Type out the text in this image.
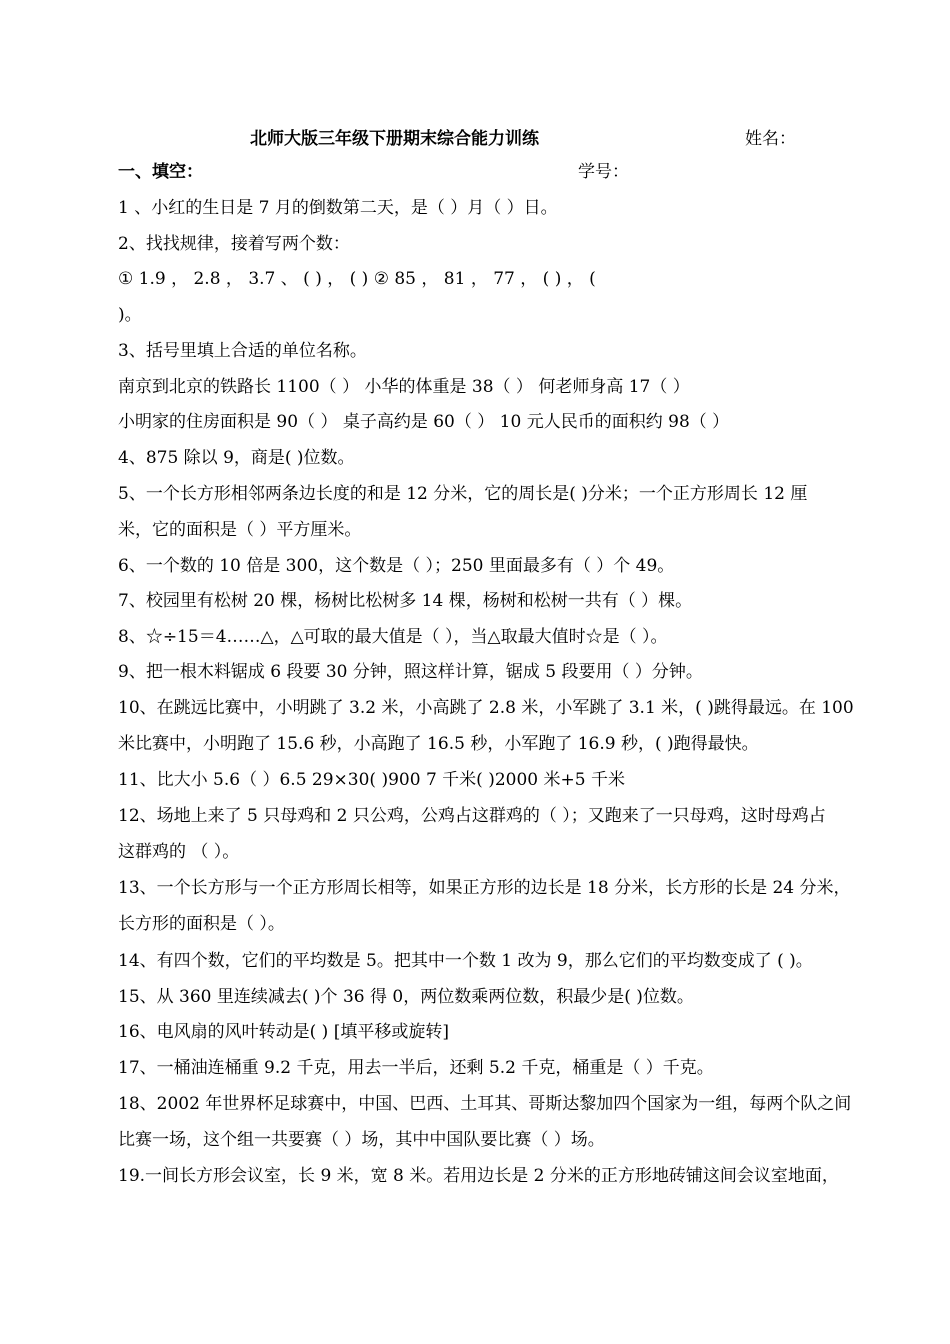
北师大版三年级下册期末综合能力训练	姓名：
一、填空：	学号：
1 、小红的生日是 7 月的倒数第二天，是（ ）月（ ）日。
2、找找规律，接着写两个数：
① 1.9 ， 2.8 ， 3.7 、 ( ) ， ( ) ② 85 ， 81 ， 77 ， ( ) ， (
)。
3、括号里填上合适的单位名称。
南京到北京的铁路长 1100（ ） 小华的体重是 38（ ） 何老师身高 17（ ）
小明家的住房面积是 90（ ） 桌子高约是 60（ ） 10 元人民币的面积约 98（ ）
4、875 除以 9，商是( )位数。
5、一个长方形相邻两条边长度的和是 12 分米，它的周长是( )分米；一个正方形周长 12 厘
米，它的面积是（ ）平方厘米。
6、一个数的 10 倍是 300，这个数是（ ）；250 里面最多有（ ）个 49。
7、校园里有松树 20 棵，杨树比松树多 14 棵，杨树和松树一共有（ ）棵。
8、☆÷15＝4……△，△可取的最大值是（ ），当△取最大值时☆是（ ）。
9、把一根木料锯成 6 段要 30 分钟，照这样计算，锯成 5 段要用（ ）分钟。
10、在跳远比赛中，小明跳了 3.2 米，小高跳了 2.8 米，小军跳了 3.1 米，( )跳得最远。在 100
米比赛中，小明跑了 15.6 秒，小高跑了 16.5 秒，小军跑了 16.9 秒，( )跑得最快。
11、比大小 5.6（ ）6.5 29×30( )900 7 千米( )2000 米+5 千米
12、场地上来了 5 只母鸡和 2 只公鸡，公鸡占这群鸡的（ ）；又跑来了一只母鸡，这时母鸡占
这群鸡的 （ ）。
13、一个长方形与一个正方形周长相等，如果正方形的边长是 18 分米，长方形的长是 24 分米，
长方形的面积是（ ）。
14、有四个数，它们的平均数是 5。把其中一个数 1 改为 9，那么它们的平均数变成了 ( )。
15、从 360 里连续减去( )个 36 得 0，两位数乘两位数，积最少是( )位数。
16、电风扇的风叶转动是( ) [填平移或旋转]
17、一桶油连桶重 9.2 千克，用去一半后，还剩 5.2 千克，桶重是（ ）千克。
18、2002 年世界杯足球赛中，中国、巴西、土耳其、哥斯达黎加四个国家为一组，每两个队之间
比赛一场，这个组一共要赛（ ）场，其中中国队要比赛（ ）场。
19.一间长方形会议室，长 9 米，宽 8 米。若用边长是 2 分米的正方形地砖铺这间会议室地面，
